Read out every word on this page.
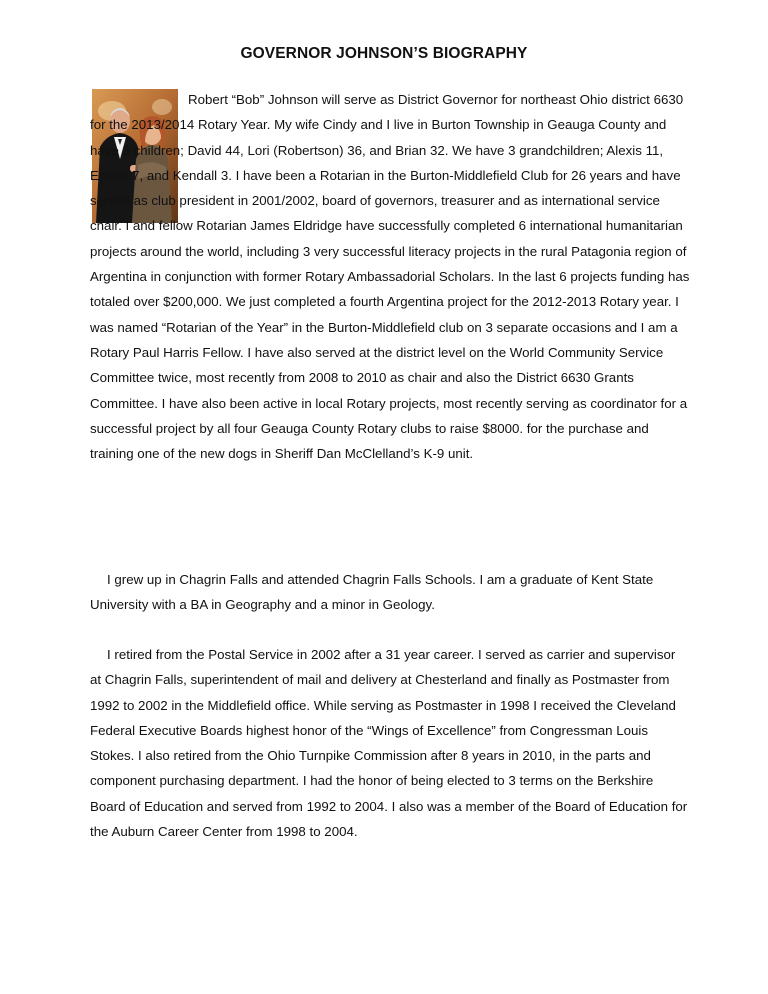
GOVERNOR JOHNSON’S BIOGRAPHY

Robert “Bob” Johnson will serve as District Governor for northeast Ohio district 6630 for the 2013/2014 Rotary Year. My wife Cindy and I live in Burton Township in Geauga County and have 3 children; David 44, Lori (Robertson) 36, and Brian 32. We have 3 grandchildren; Alexis 11, Emma 7, and Kendall 3. I have been a Rotarian in the Burton-Middlefield Club for 26 years and have served as club president in 2001/2002, board of governors, treasurer and as international service chair. I and fellow Rotarian James Eldridge have successfully completed 6 international humanitarian projects around the world, including 3 very successful literacy projects in the rural Patagonia region of Argentina in conjunction with former Rotary Ambassadorial Scholars. In the last 6 projects funding has totaled over $200,000. We just completed a fourth Argentina project for the 2012-2013 Rotary year. I was named “Rotarian of the Year” in the Burton-Middlefield club on 3 separate occasions and I am a Rotary Paul Harris Fellow. I have also served at the district level on the World Community Service Committee twice, most recently from 2008 to 2010 as chair and also the District 6630 Grants Committee. I have also been active in local Rotary projects, most recently serving as coordinator for a successful project by all four Geauga County Rotary clubs to raise $8000. for the purchase and training one of the new dogs in Sheriff Dan McClelland’s K-9 unit.

I grew up in Chagrin Falls and attended Chagrin Falls Schools. I am a graduate of Kent State University with a BA in Geography and a minor in Geology.

I retired from the Postal Service in 2002 after a 31 year career. I served as carrier and supervisor at Chagrin Falls, superintendent of mail and delivery at Chesterland and finally as Postmaster from 1992 to 2002 in the Middlefield office. While serving as Postmaster in 1998 I received the Cleveland Federal Executive Boards highest honor of the “Wings of Excellence” from Congressman Louis Stokes. I also retired from the Ohio Turnpike Commission after 8 years in 2010, in the parts and component purchasing department. I had the honor of being elected to 3 terms on the Berkshire Board of Education and served from 1992 to 2004. I also was a member of the Board of Education for the Auburn Career Center from 1998 to 2004.
